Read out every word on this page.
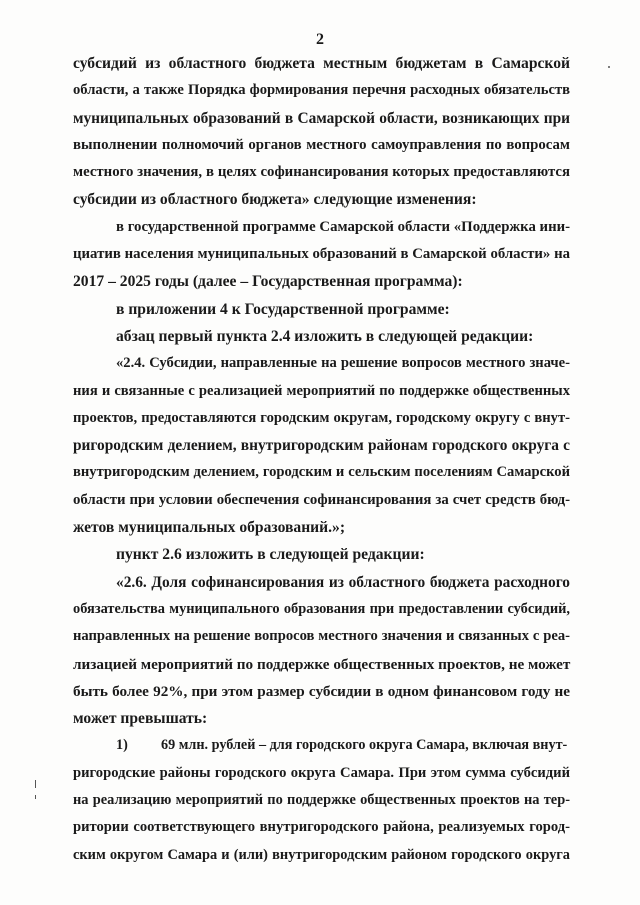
2
субсидий из областного бюджета местным бюджетам в Самарской
области, а также Порядка формирования перечня расходных обязательств
муниципальных образований в Самарской области, возникающих при
выполнении полномочий органов местного самоуправления по вопросам
местного значения, в целях софинансирования которых предоставляются
субсидии из областного бюджета» следующие изменения:
в государственной программе Самарской области «Поддержка ини-
циатив населения муниципальных образований в Самарской области» на
2017 – 2025 годы (далее – Государственная программа):
в приложении 4 к Государственной программе:
абзац первый пункта 2.4 изложить в следующей редакции:
«2.4. Субсидии, направленные на решение вопросов местного значе-
ния и связанные с реализацией мероприятий по поддержке общественных
проектов, предоставляются городским округам, городскому округу с внут-
ригородским делением, внутригородским районам городского округа с
внутригородским делением, городским и сельским поселениям Самарской
области при условии обеспечения софинансирования за счет средств бюд-
жетов муниципальных образований.»;
пункт 2.6 изложить в следующей редакции:
«2.6. Доля софинансирования из областного бюджета расходного
обязательства муниципального образования при предоставлении субсидий,
направленных на решение вопросов местного значения и связанных с реа-
лизацией мероприятий по поддержке общественных проектов, не может
быть более 92%, при этом размер субсидии в одном финансовом году не
может превышать:
1) 69 млн. рублей – для городского округа Самара, включая внут-
ригородские районы городского округа Самара. При этом сумма субсидий
на реализацию мероприятий по поддержке общественных проектов на тер-
ритории соответствующего внутригородского района, реализуемых город-
ским округом Самара и (или) внутригородским районом городского округа
